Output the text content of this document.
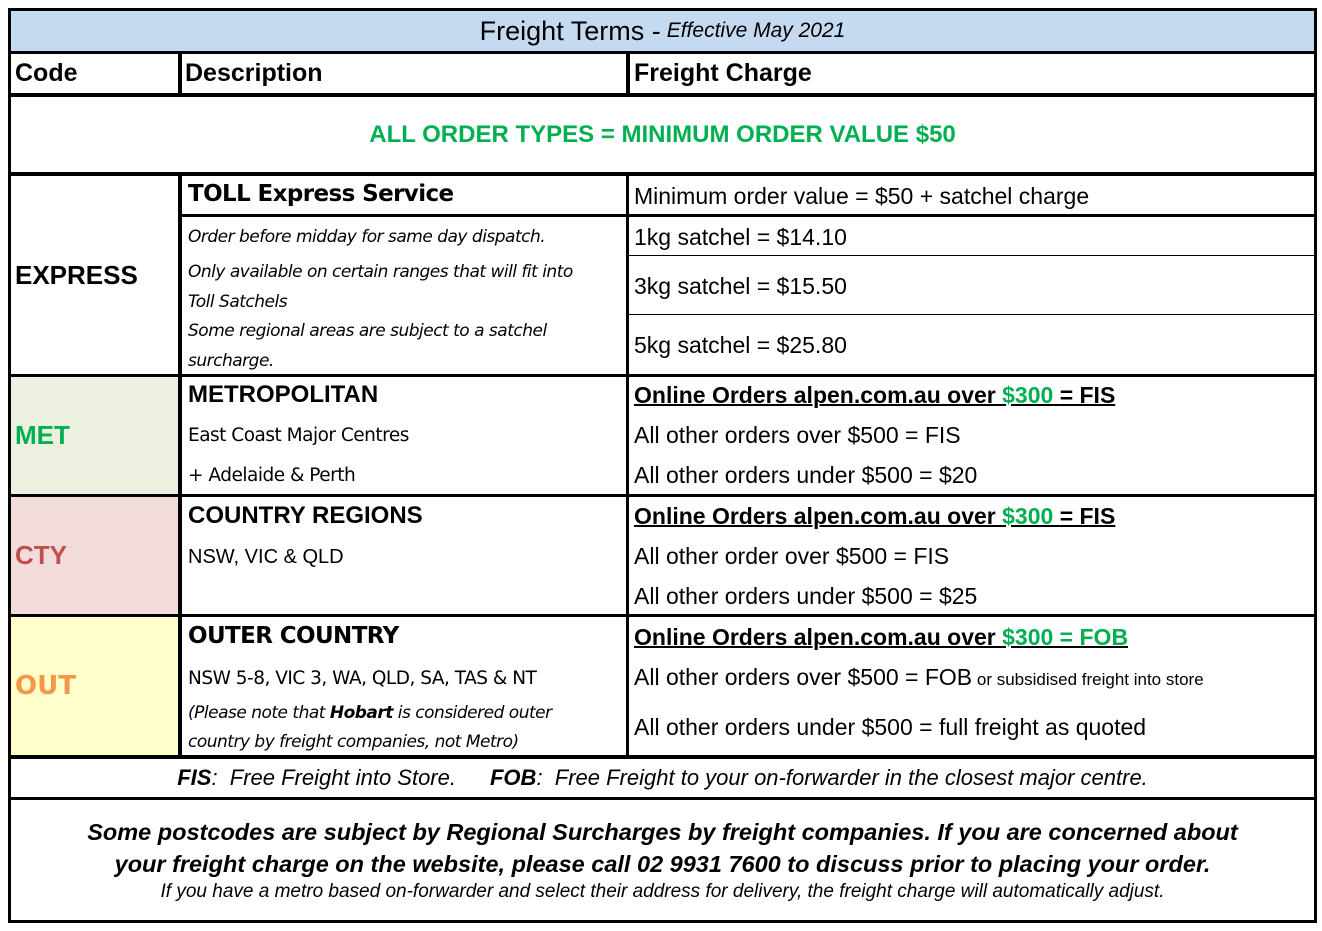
Freight Terms - Effective May 2021
Code	Description	Freight Charge
ALL ORDER TYPES = MINIMUM ORDER VALUE $50
EXPRESS
MET
CTY
OUT
TOLL Express Service
Order before midday for same day dispatch.
Only available on certain ranges that will fit into
Toll Satchels
Some regional areas are subject to a satchel
surcharge.
Minimum order value = $50 + satchel charge
1kg satchel = $14.10
3kg satchel = $15.50
5kg satchel = $25.80
METROPOLITAN
East Coast Major Centres
+ Adelaide & Perth
Online Orders alpen.com.au over $300 = FIS
All other orders over $500 = FIS
All other orders under $500 = $20
COUNTRY REGIONS
NSW, VIC & QLD
Online Orders alpen.com.au over $300 = FIS
All other order over $500 = FIS
All other orders under $500 = $25
OUTER COUNTRY
NSW 5-8, VIC 3, WA, QLD, SA, TAS & NT
(Please note that Hobart is considered outer
country by freight companies, not Metro)
Online Orders alpen.com.au over $300 = FOB
All other orders over $500 = FOB or subsidised freight into store
All other orders under $500 = full freight as quoted
FIS :  Free Freight into Store. FOB :  Free Freight to your on-forwarder in the closest major centre.
Some postcodes are subject by Regional Surcharges by freight companies. If you are concerned about
your freight charge on the website, please call 02 9931 7600 to discuss prior to placing your order.
If you have a metro based on-forwarder and select their address for delivery, the freight charge will automatically adjust.
